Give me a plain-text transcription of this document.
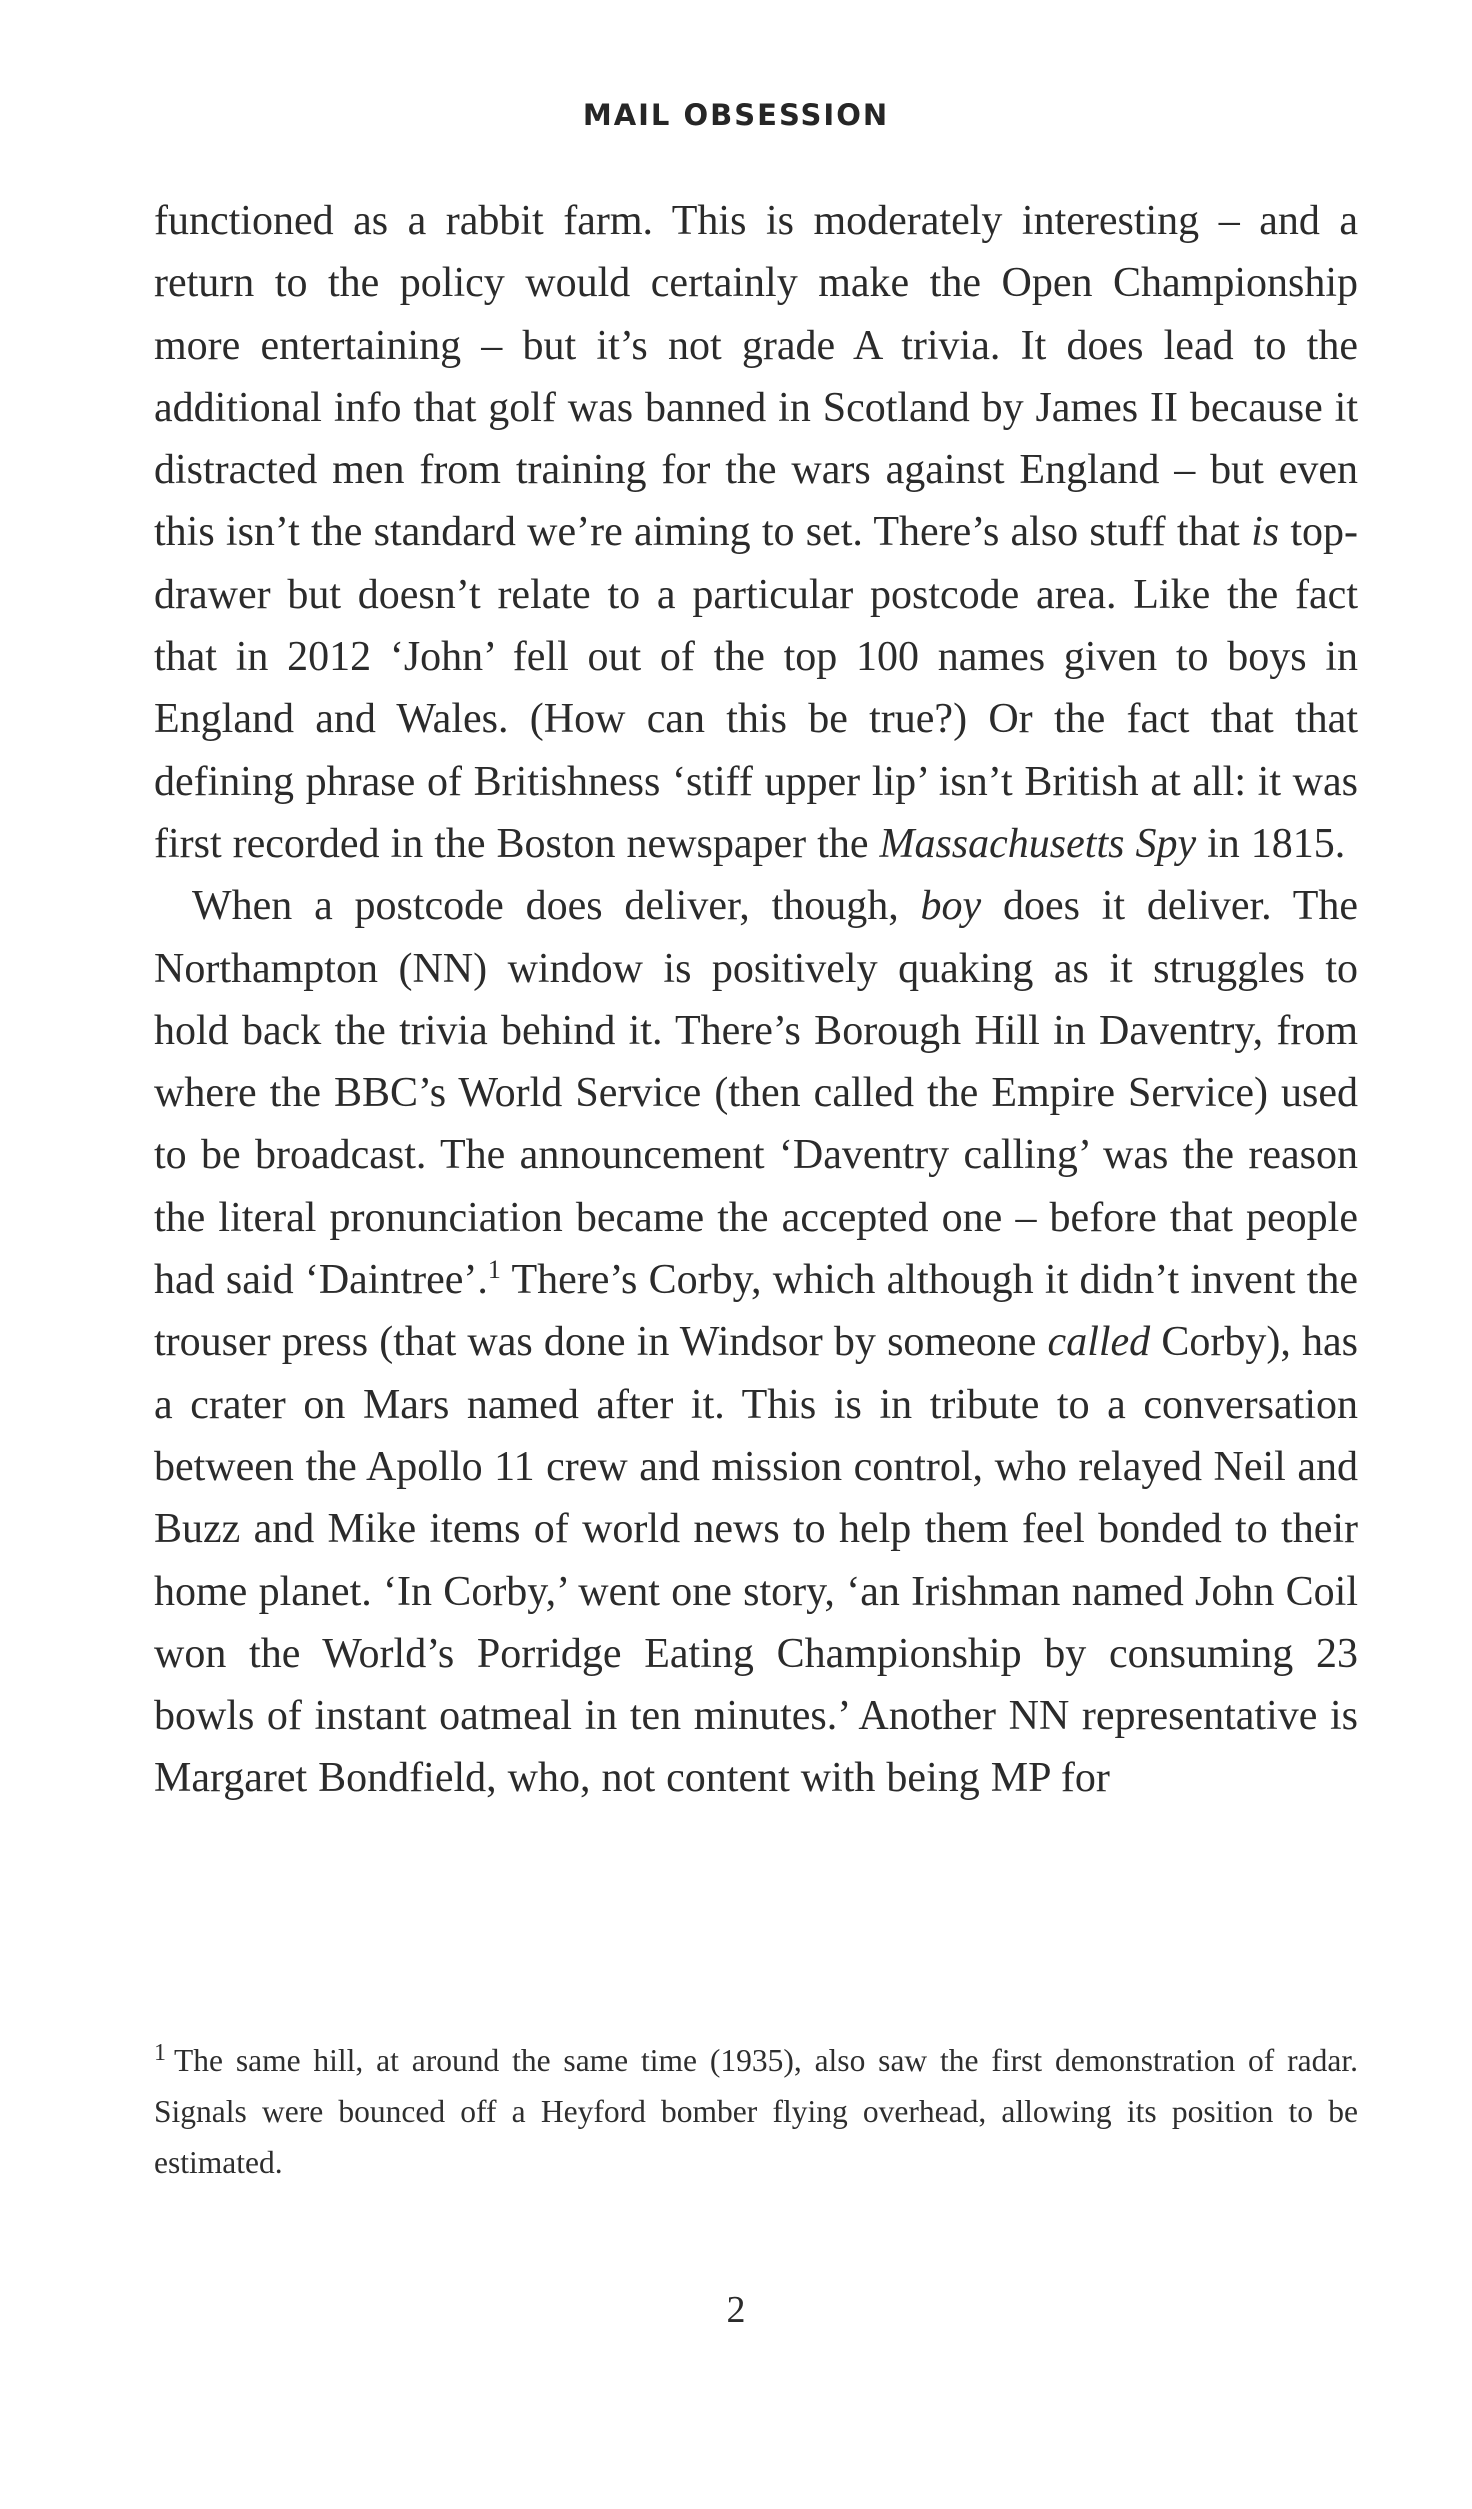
MAIL OBSESSION

functioned as a rabbit farm. This is moderately interesting – and a return to the policy would certainly make the Open Championship more entertaining – but it’s not grade A trivia. It does lead to the additional info that golf was banned in Scotland by James II because it distracted men from training for the wars against England – but even this isn’t the standard we’re aiming to set. There’s also stuff that is top-drawer but doesn’t relate to a particular postcode area. Like the fact that in 2012 ‘John’ fell out of the top 100 names given to boys in England and Wales. (How can this be true?) Or the fact that that defining phrase of Britishness ‘stiff upper lip’ isn’t British at all: it was first recorded in the Boston newspaper the Massachusetts Spy in 1815.

When a postcode does deliver, though, boy does it deliver. The Northampton (NN) window is positively quaking as it struggles to hold back the trivia behind it. There’s Borough Hill in Daventry, from where the BBC’s World Service (then called the Empire Service) used to be broadcast. The announcement ‘Daventry calling’ was the reason the literal pronunciation became the accepted one – before that people had said ‘Daintree’.$^1$ There’s Corby, which although it didn’t invent the trouser press (that was done in Windsor by someone called Corby), has a crater on Mars named after it. This is in tribute to a conversation between the Apollo 11 crew and mission control, who relayed Neil and Buzz and Mike items of world news to help them feel bonded to their home planet. ‘In Corby,’ went one story, ‘an Irishman named John Coil won the World’s Porridge Eating Championship by consuming 23 bowls of instant oatmeal in ten minutes.’ Another NN representative is Margaret Bondfield, who, not content with being MP for

$^1$ The same hill, at around the same time (1935), also saw the first demonstration of radar. Signals were bounced off a Heyford bomber flying overhead, allowing its position to be estimated.

2
